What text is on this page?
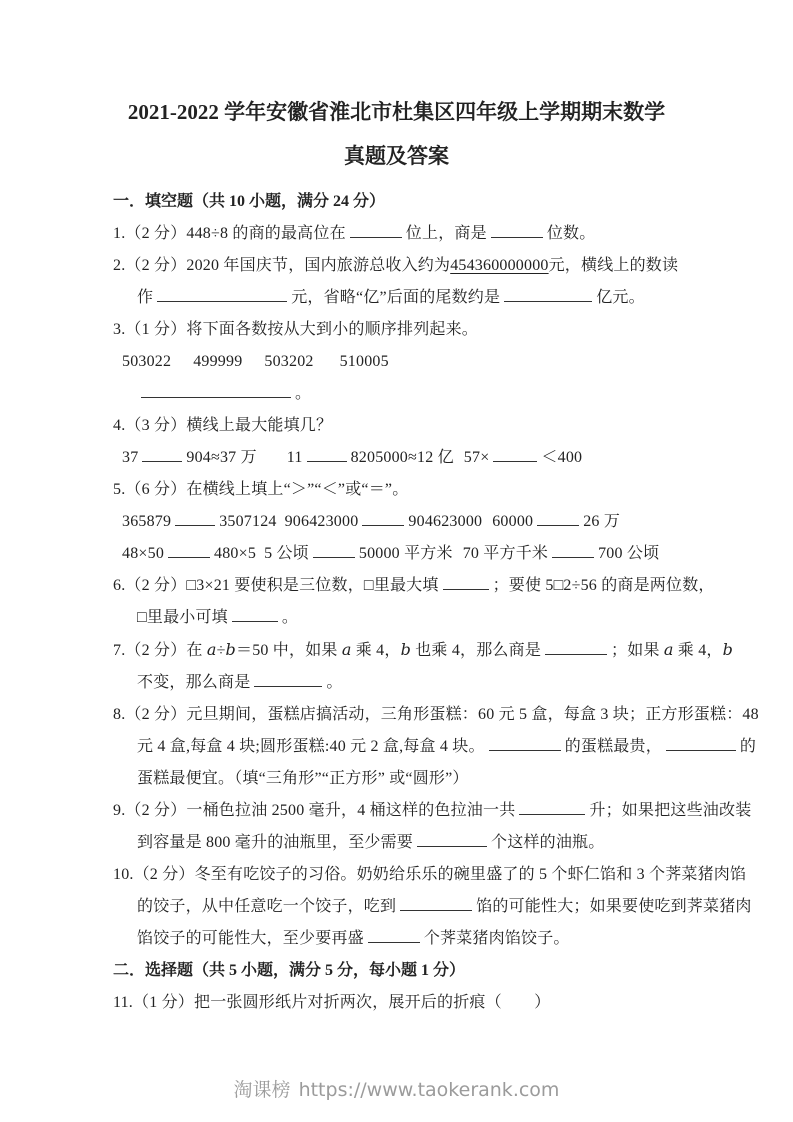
2021-2022 学年安徽省淮北市杜集区四年级上学期期末数学
真题及答案
一．填空题（共 10 小题，满分 24 分）
1.（2 分）448÷8 的商的最高位在	位上，商是	位数。
2.（2 分）2020 年国庆节，国内旅游总收入约为454360000000元，横线上的数读
作	元，省略“亿”后面的尾数约是	亿元。
3.（1 分）将下面各数按从大到小的顺序排列起来。
503022 499999 503202 510005
。
4.（3 分）横线上最大能填几？
37	904≈37 万 11	8205000≈12 亿 57×	＜400
5.（6 分）在横线上填上“＞”“＜”或“＝”。
365879	3507124 906423000	904623000 60000	26 万
48×50	480×5 5 公顷	50000 平方米 70 平方千米	700 公顷
6.（2 分）□3×21 要使积是三位数，□里最大填	；要使 5□2÷56 的商是两位数，
□里最小可填	。
7.（2 分）在 a÷b＝50 中，如果 a 乘 4，b 也乘 4，那么商是	；如果 a 乘 4，b
不变，那么商是	。
8.（2 分）元旦期间，蛋糕店搞活动，三角形蛋糕：60 元 5 盒，每盒 3 块；正方形蛋糕：48
元 4 盒,每盒 4 块;圆形蛋糕:40 元 2 盒,每盒 4 块。	的蛋糕最贵，	的
蛋糕最便宜。（填“三角形”“正方形” 或“圆形”）
9.（2 分）一桶色拉油 2500 毫升，4 桶这样的色拉油一共	升；如果把这些油改装
到容量是 800 毫升的油瓶里，至少需要	个这样的油瓶。
10.（2 分）冬至有吃饺子的习俗。奶奶给乐乐的碗里盛了的 5 个虾仁馅和 3 个荠菜猪肉馅
的饺子，从中任意吃一个饺子，吃到	馅的可能性大；如果要使吃到荠菜猪肉
馅饺子的可能性大，至少要再盛	个荠菜猪肉馅饺子。
二．选择题（共 5 小题，满分 5 分，每小题 1 分）
11.（1 分）把一张圆形纸片对折两次，展开后的折痕（　　）
淘课榜 https://www.taokerank.com
